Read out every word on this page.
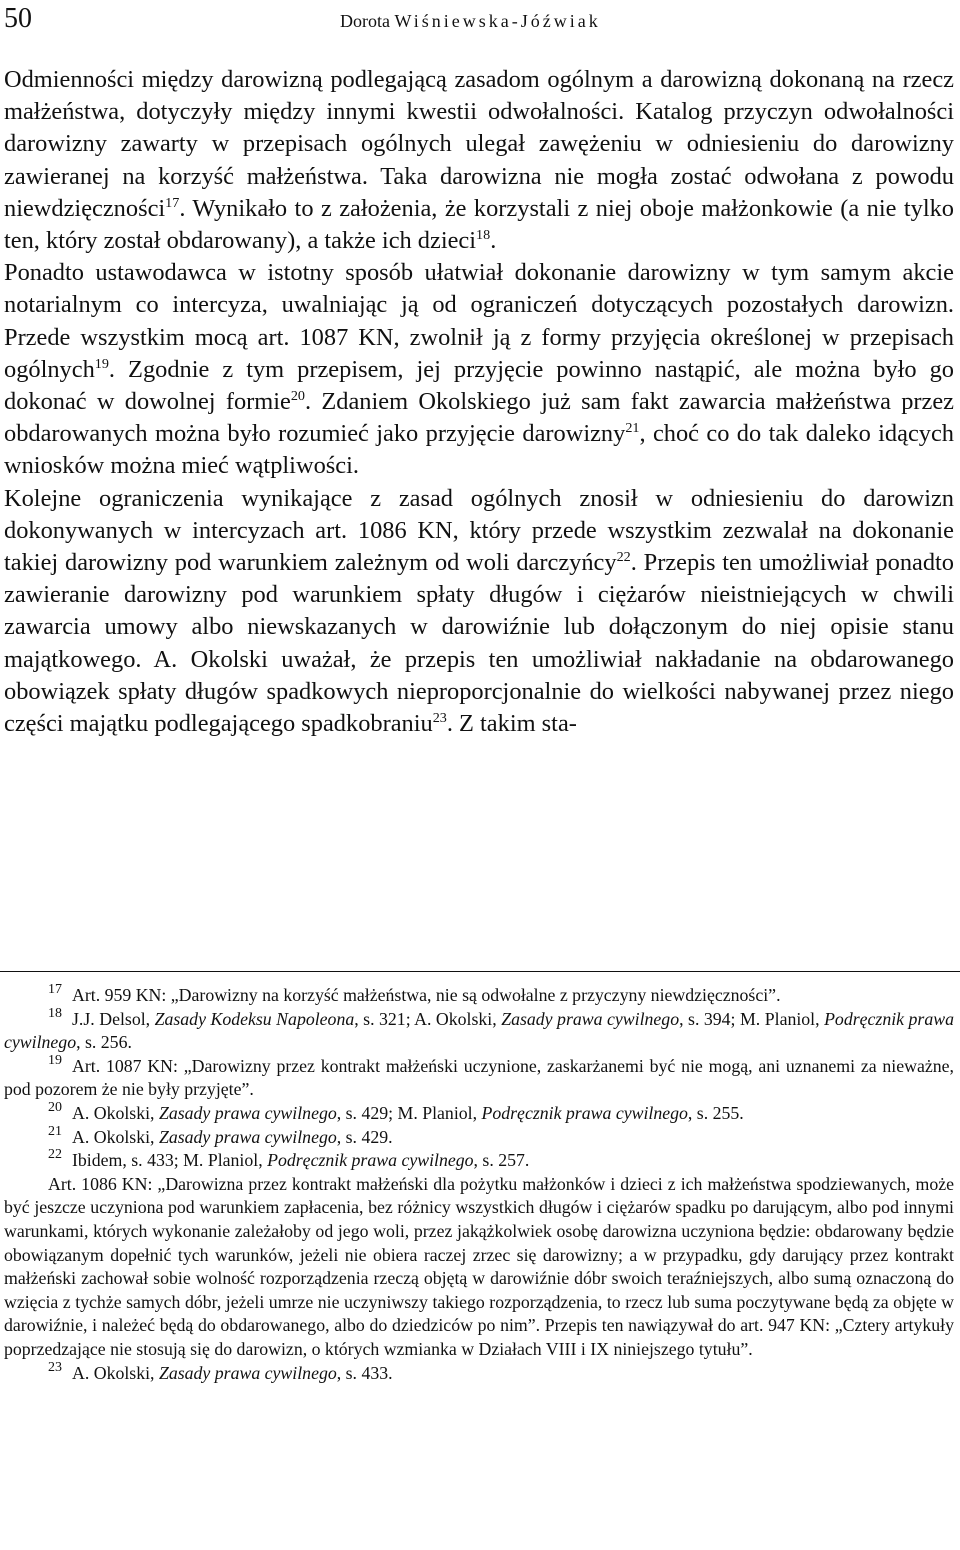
50	Dorota Wiśniewska-Jóźwiak

Odmienności między darowizną podlegającą zasadom ogólnym a darowizną dokonaną na rzecz małżeństwa, dotyczyły między innymi kwestii odwołalności. Katalog przyczyn odwołalności darowizny zawarty w przepisach ogólnych ulegał zawężeniu w odniesieniu do darowizny zawieranej na korzyść małżeństwa. Taka darowizna nie mogła zostać odwołana z powodu niewdzięczności$^{17}$. Wynikało to z założenia, że korzystali z niej oboje małżonkowie (a nie tylko ten, który został obdarowany), a także ich dzieci$^{18}$.

Ponadto ustawodawca w istotny sposób ułatwiał dokonanie darowizny w tym samym akcie notarialnym co intercyza, uwalniając ją od ograniczeń dotyczących pozostałych darowizn. Przede wszystkim mocą art. 1087 KN, zwolnił ją z formy przyjęcia określonej w przepisach ogólnych$^{19}$. Zgodnie z tym przepisem, jej przyjęcie powinno nastąpić, ale można było go dokonać w dowolnej formie$^{20}$. Zdaniem Okolskiego już sam fakt zawarcia małżeństwa przez obdarowanych można było rozumieć jako przyjęcie darowizny$^{21}$, choć co do tak daleko idących wniosków można mieć wątpliwości.

Kolejne ograniczenia wynikające z zasad ogólnych znosił w odniesieniu do darowizn dokonywanych w intercyzach art. 1086 KN, który przede wszystkim zezwalał na dokonanie takiej darowizny pod warunkiem zależnym od woli darczyńcy$^{22}$. Przepis ten umożliwiał ponadto zawieranie darowizny pod warunkiem spłaty długów i ciężarów nieistniejących w chwili zawarcia umowy albo niewskazanych w darowiźnie lub dołączonym do niej opisie stanu majątkowego. A. Okolski uważał, że przepis ten umożliwiał nakładanie na obdarowanego obowiązek spłaty długów spadkowych nieproporcjonalnie do wielkości nabywanej przez niego części majątku podlegającego spadkobraniu$^{23}$. Z takim sta-

17 Art. 959 KN: „Darowizny na korzyść małżeństwa, nie są odwołalne z przyczyny niewdzięczności”.

18 J.J. Delsol, Zasady Kodeksu Napoleona, s. 321; A. Okolski, Zasady prawa cywilnego, s. 394; M. Planiol, Podręcznik prawa cywilnego, s. 256.

19 Art. 1087 KN: „Darowizny przez kontrakt małżeński uczynione, zaskarżanemi być nie mogą, ani uznanemi za nieważne, pod pozorem że nie były przyjęte”.

20 A. Okolski, Zasady prawa cywilnego, s. 429; M. Planiol, Podręcznik prawa cywilnego, s. 255.

21 A. Okolski, Zasady prawa cywilnego, s. 429.

22 Ibidem, s. 433; M. Planiol, Podręcznik prawa cywilnego, s. 257.

Art. 1086 KN: „Darowizna przez kontrakt małżeński dla pożytku małżonków i dzieci z ich małżeństwa spodziewanych, może być jeszcze uczyniona pod warunkiem zapłacenia, bez różnicy wszystkich długów i ciężarów spadku po darującym, albo pod innymi warunkami, których wykonanie zależałoby od jego woli, przez jakążkolwiek osobę darowizna uczyniona będzie: obdarowany będzie obowiązanym dopełnić tych warunków, jeżeli nie obiera raczej zrzec się darowizny; a w przypadku, gdy darujący przez kontrakt małżeński zachował sobie wolność rozporządzenia rzeczą objętą w darowiźnie dóbr swoich teraźniejszych, albo sumą oznaczoną do wzięcia z tychże samych dóbr, jeżeli umrze nie uczyniwszy takiego rozporządzenia, to rzecz lub suma poczytywane będą za objęte w darowiźnie, i należeć będą do obdarowanego, albo do dziedziców po nim”. Przepis ten nawiązywał do art. 947 KN: „Cztery artykuły poprzedzające nie stosują się do darowizn, o których wzmianka w Działach VIII i IX niniejszego tytułu”.

23 A. Okolski, Zasady prawa cywilnego, s. 433.
